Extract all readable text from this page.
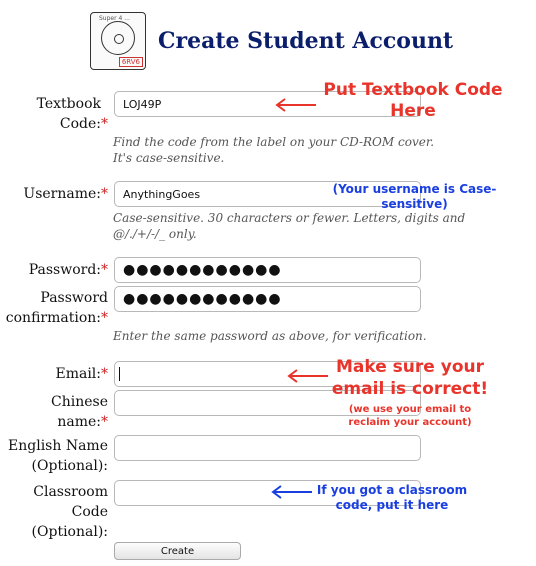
Super 4 ...
6RV6
Create Student Account
Textbook Code:*
LOJ49P
Find the code from the label on your CD-ROM cover. It's case-sensitive.
Username:*
AnythingGoes
Case-sensitive. 30 characters or fewer. Letters, digits and @/./+/-/_ only.
Password:*
●●●●●●●●●●●●
Password confirmation:*
●●●●●●●●●●●●
Enter the same password as above, for verification.
Email:*
Chinese name:*
English Name (Optional):
Classroom Code (Optional):
Create
Put Textbook Code Here
(Your username is Case-sensitive)
Make sure your email is correct!
(we use your email to reclaim your account)
If you got a classroom code, put it here
